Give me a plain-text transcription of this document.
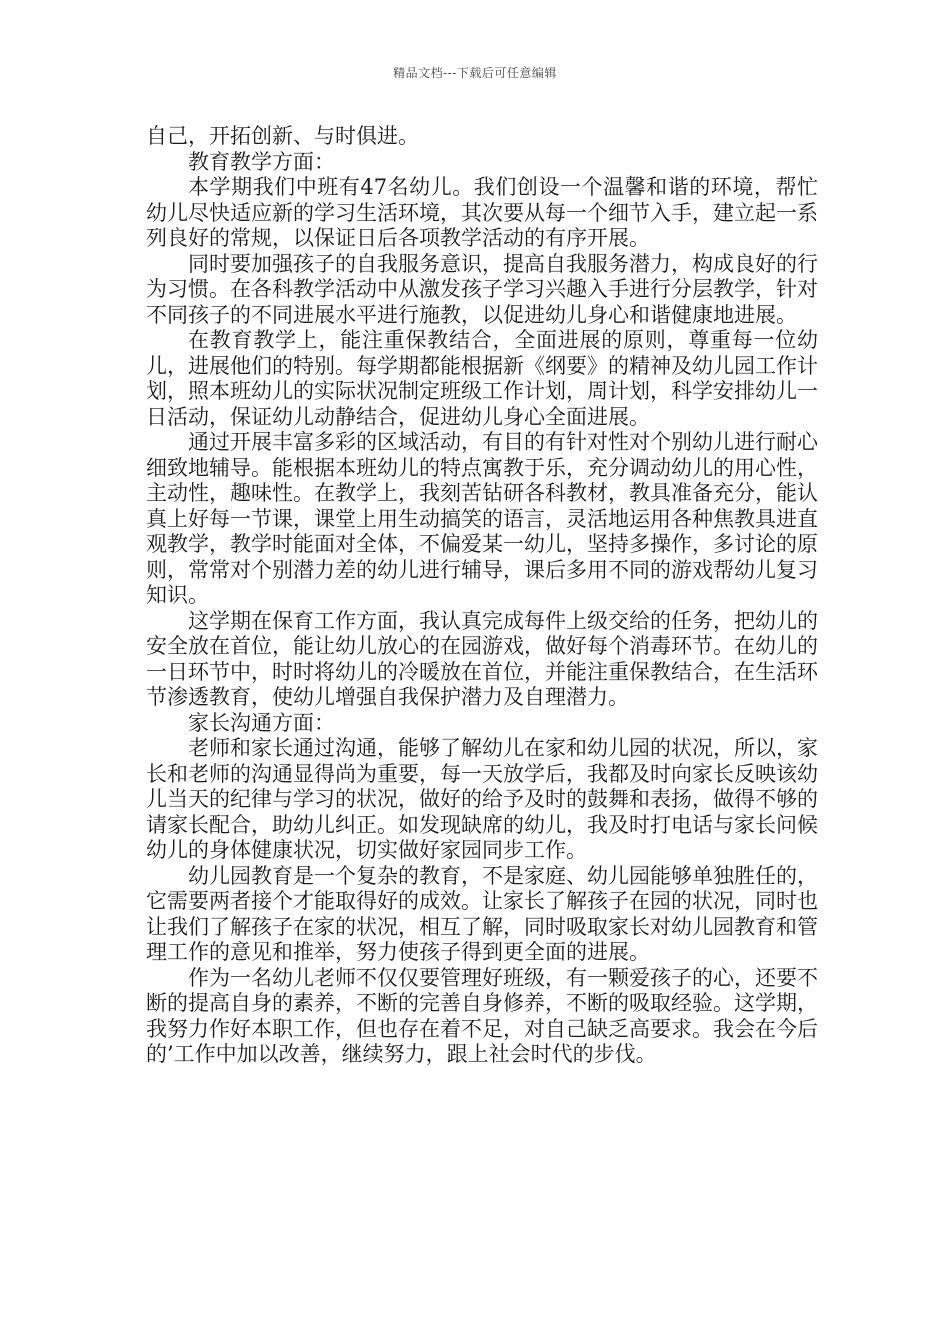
精品文档---下载后可任意编辑

自己，开拓创新、与时俱进。

教育教学方面：

本学期我们中班有47名幼儿。我们创设一个温馨和谐的环境，帮忙幼儿尽快适应新的学习生活环境，其次要从每一个细节入手，建立起一系列良好的常规，以保证日后各项教学活动的有序开展。

同时要加强孩子的自我服务意识，提高自我服务潜力，构成良好的行为习惯。在各科教学活动中从激发孩子学习兴趣入手进行分层教学，针对不同孩子的不同进展水平进行施教，以促进幼儿身心和谐健康地进展。

在教育教学上，能注重保教结合，全面进展的原则，尊重每一位幼儿，进展他们的特别。每学期都能根据新《纲要》的精神及幼儿园工作计划，照本班幼儿的实际状况制定班级工作计划，周计划，科学安排幼儿一日活动，保证幼儿动静结合，促进幼儿身心全面进展。

通过开展丰富多彩的区域活动，有目的有针对性对个别幼儿进行耐心细致地辅导。能根据本班幼儿的特点寓教于乐，充分调动幼儿的用心性，主动性，趣味性。在教学上，我刻苦钻研各科教材，教具准备充分，能认真上好每一节课，课堂上用生动搞笑的语言，灵活地运用各种焦教具进直观教学，教学时能面对全体，不偏爱某一幼儿，坚持多操作，多讨论的原则，常常对个别潜力差的幼儿进行辅导，课后多用不同的游戏帮幼儿复习知识。

这学期在保育工作方面，我认真完成每件上级交给的任务，把幼儿的安全放在首位，能让幼儿放心的在园游戏，做好每个消毒环节。在幼儿的一日环节中，时时将幼儿的冷暖放在首位，并能注重保教结合，在生活环节渗透教育，使幼儿增强自我保护潜力及自理潜力。

家长沟通方面：

老师和家长通过沟通，能够了解幼儿在家和幼儿园的状况，所以，家长和老师的沟通显得尚为重要，每一天放学后，我都及时向家长反映该幼儿当天的纪律与学习的状况，做好的给予及时的鼓舞和表扬，做得不够的请家长配合，助幼儿纠正。如发现缺席的幼儿，我及时打电话与家长问候幼儿的身体健康状况，切实做好家园同步工作。

幼儿园教育是一个复杂的教育，不是家庭、幼儿园能够单独胜任的，它需要两者接个才能取得好的成效。让家长了解孩子在园的状况，同时也让我们了解孩子在家的状况，相互了解，同时吸取家长对幼儿园教育和管理工作的意见和推举，努力使孩子得到更全面的进展。

作为一名幼儿老师不仅仅要管理好班级，有一颗爱孩子的心，还要不断的提高自身的素养，不断的完善自身修养，不断的吸取经验。这学期，我努力作好本职工作，但也存在着不足，对自己缺乏高要求。我会在今后的’工作中加以改善，继续努力，跟上社会时代的步伐。
